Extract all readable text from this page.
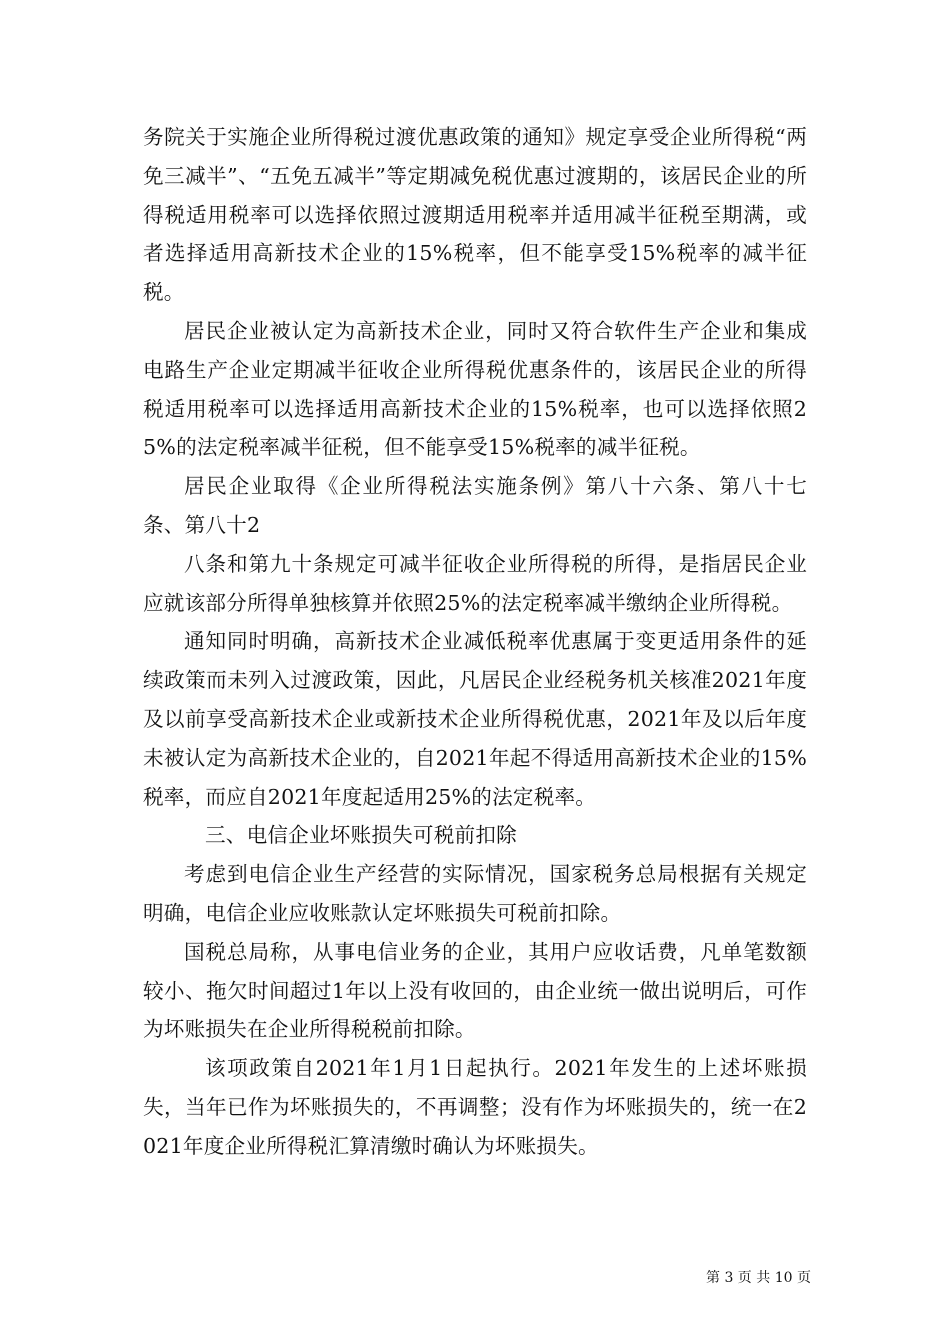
务院关于实施企业所得税过渡优惠政策的通知》规定享受企业所得税“两免三减半”、“五免五减半”等定期减免税优惠过渡期的，该居民企业的所得税适用税率可以选择依照过渡期适用税率并适用减半征税至期满，或者选择适用高新技术企业的15%税率，但不能享受15%税率的减半征税。

居民企业被认定为高新技术企业，同时又符合软件生产企业和集成电路生产企业定期减半征收企业所得税优惠条件的，该居民企业的所得税适用税率可以选择适用高新技术企业的15%税率，也可以选择依照25%的法定税率减半征税，但不能享受15%税率的减半征税。

居民企业取得《企业所得税法实施条例》第八十六条、第八十七条、第八十2

八条和第九十条规定可减半征收企业所得税的所得，是指居民企业应就该部分所得单独核算并依照25%的法定税率减半缴纳企业所得税。

通知同时明确，高新技术企业减低税率优惠属于变更适用条件的延续政策而未列入过渡政策，因此，凡居民企业经税务机关核准2021年度及以前享受高新技术企业或新技术企业所得税优惠，2021年及以后年度未被认定为高新技术企业的，自2021年起不得适用高新技术企业的15%税率，而应自2021年度起适用25%的法定税率。

三、电信企业坏账损失可税前扣除

考虑到电信企业生产经营的实际情况，国家税务总局根据有关规定明确，电信企业应收账款认定坏账损失可税前扣除。

国税总局称，从事电信业务的企业，其用户应收话费，凡单笔数额较小、拖欠时间超过1年以上没有收回的，由企业统一做出说明后，可作为坏账损失在企业所得税税前扣除。

该项政策自2021年1月1日起执行。2021年发生的上述坏账损失，当年已作为坏账损失的，不再调整；没有作为坏账损失的，统一在2021年度企业所得税汇算清缴时确认为坏账损失。

第 3 页 共 10 页
